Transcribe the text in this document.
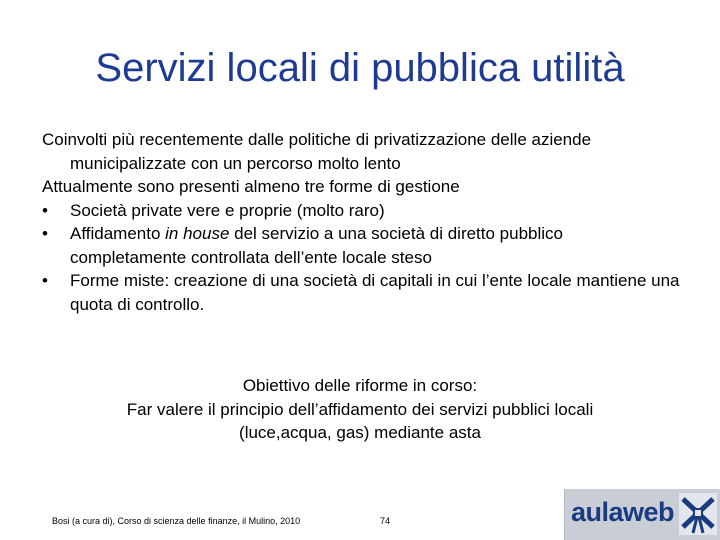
Servizi locali di pubblica utilità

Coinvolti più recentemente dalle politiche di privatizzazione delle aziende municipalizzate con un percorso molto lento

Attualmente sono presenti almeno tre forme di gestione

•	Società private vere e proprie (molto raro)
•	Affidamento in house del servizio a una società di diretto pubblico completamente controllata dell’ente locale steso
•	Forme miste: creazione di una società di capitali in cui l’ente locale mantiene una quota di controllo.
Obiettivo delle riforme in corso:
Far valere il principio dell’affidamento dei servizi pubblici locali
(luce,acqua, gas) mediante asta
Bosi (a cura di), Corso di scienza delle finanze, il Mulino, 2010	74	aulaweb
